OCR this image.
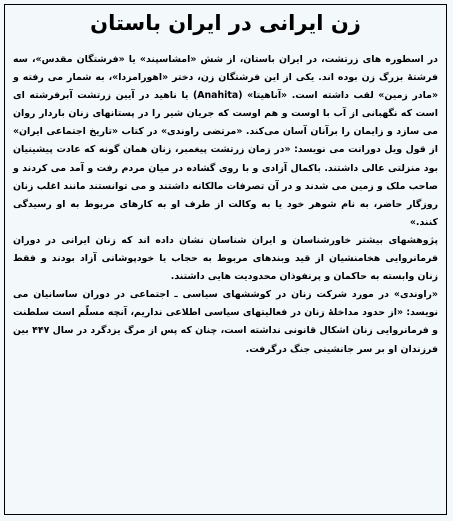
زن ایرانی در ایران باستان

در اسطوره های زرتشت، در ایران باستان، از شش «امشاسپند» یا «فرشتگان مقدس»، سه فرشتهٔ بزرگ زن بوده اند. یکی از این فرشتگان زن، دختر «اهورامزدا»، به شمار می رفته و «مادر زمین» لقب داشته است. «آناهیتا» (Anahita) یا ناهید در آیین زرتشت آبرفرشته ای است که نگهبانی از آب با اوست و هم اوست که جریان شیر را در پستانهای زنان باردار روان می سازد و زایمان را برآنان آسان می‌کند. «مرتضی راوندی» در کتاب «تاریخ اجتماعی ایران» از قول ویل دورانت می نویسد: «در زمان زرتشت پیغمبر، زنان همان گونه که عادت پیشینیان بود منزلتی عالی داشتند. باکمال آزادی و با روی گشاده در میان مردم رفت و آمد می کردند و صاحب ملک و زمین می شدند و در آن تصرفات مالکانه داشتند و می توانستند مانند اغلب زنان روزگار حاضر، به نام شوهر خود یا به وکالت از طرف او به کارهای مربوط به او رسیدگی کنند.»

پژوهشهای بیشتر خاورشناسان و ایران شناسان نشان داده اند که زنان ایرانی در دوران فرمانروایی هخامنشیان از قید وبندهای مربوط به حجاب یا خودپوشانی آزاد بودند و فقط زنان وابسته به حاکمان و پرنفوذان محدودیت هایی داشتند.

«راوندی» در مورد شرکت زنان در کوششهای سیاسی ـ اجتماعی در دوران ساسانیان می نویسد: «از حدود مداخلهٔ زنان در فعالیتهای سیاسی اطلاعی نداریم، آنچه مسلّم است سلطنت و فرمانروایی زنان اشکال قانونی نداشته است، چنان که پس از مرگ یزدگرد در سال ۴۴۷ بین فرزندان او بر سر جانشینی جنگ درگرفت.
